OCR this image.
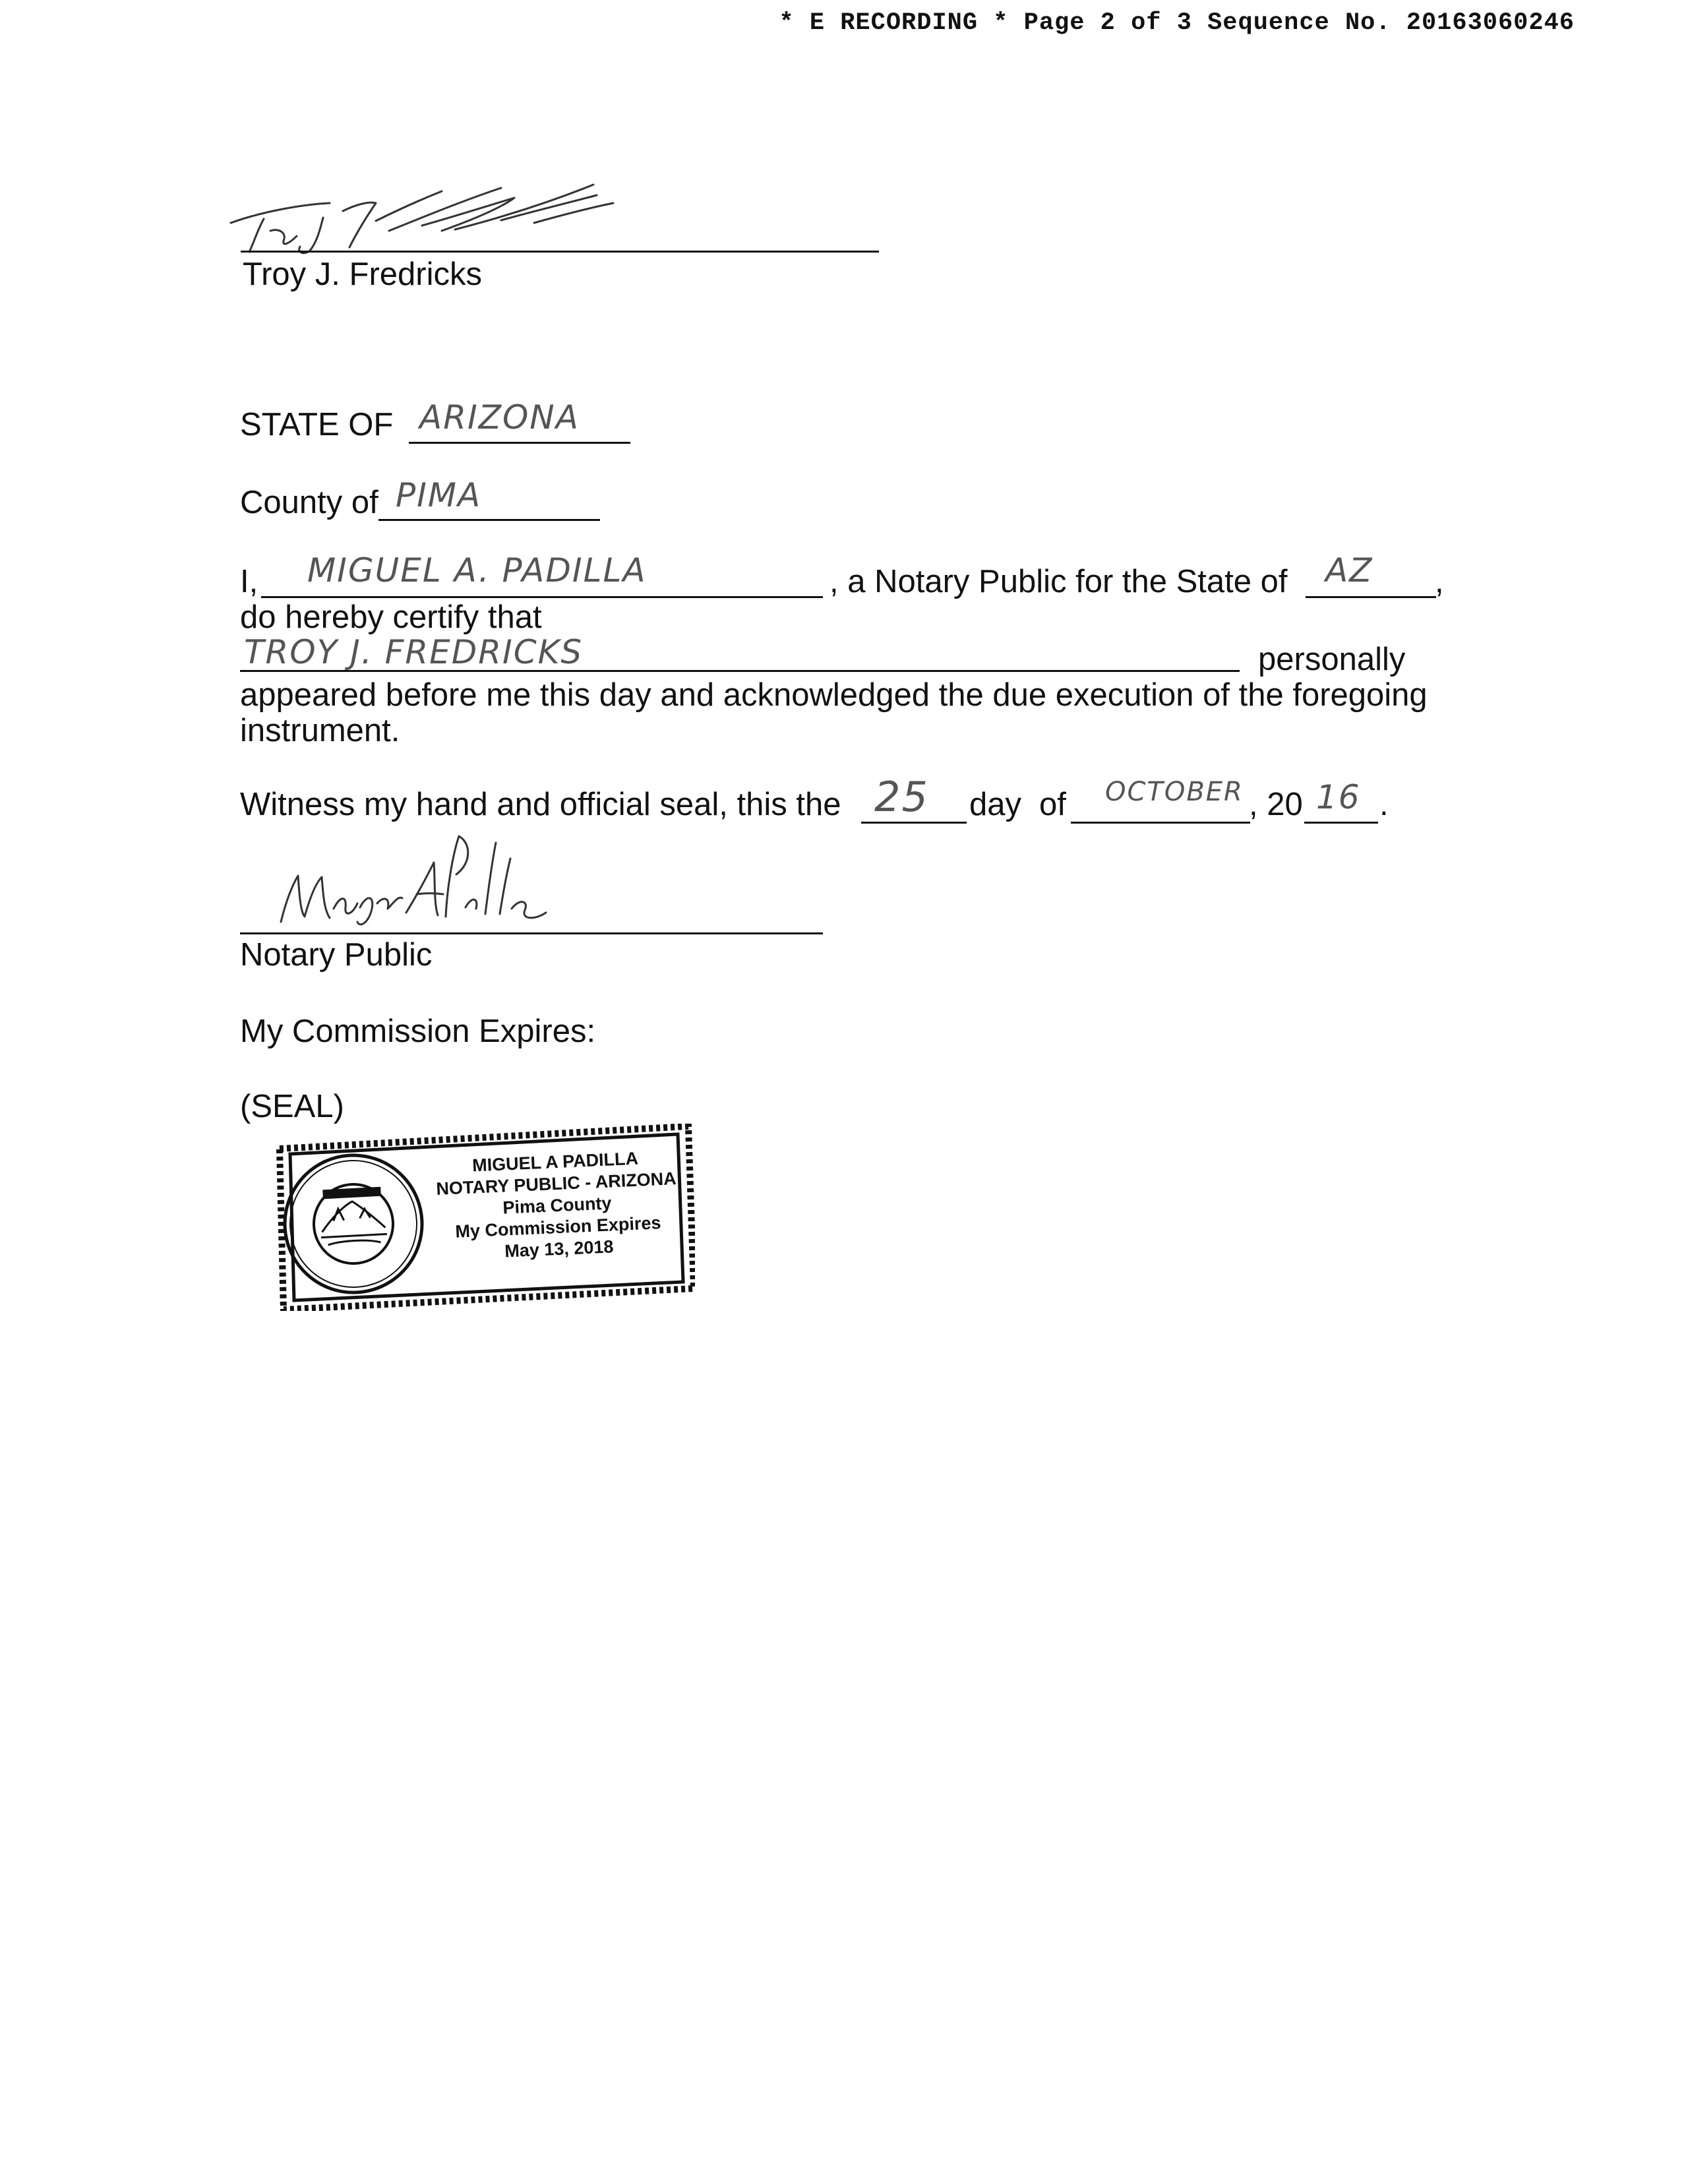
* E RECORDING * Page 2 of 3 Sequence No. 20163060246
Troy J. Fredricks
STATE OF ARIZONA
County of PIMA
I, MIGUEL A. PADILLA	, a Notary Public for the State of AZ ,
do hereby certify that
TROY J. FREDRICKS	personally
appeared before me this day and acknowledged the due execution of the foregoing
instrument.
Witness my hand and official seal, this the 25 day of OCTOBER , 20 16 .
Notary Public
My Commission Expires:
(SEAL)
MIGUEL A PADILLA
NOTARY PUBLIC - ARIZONA
Pima County
My Commission Expires
May 13, 2018
